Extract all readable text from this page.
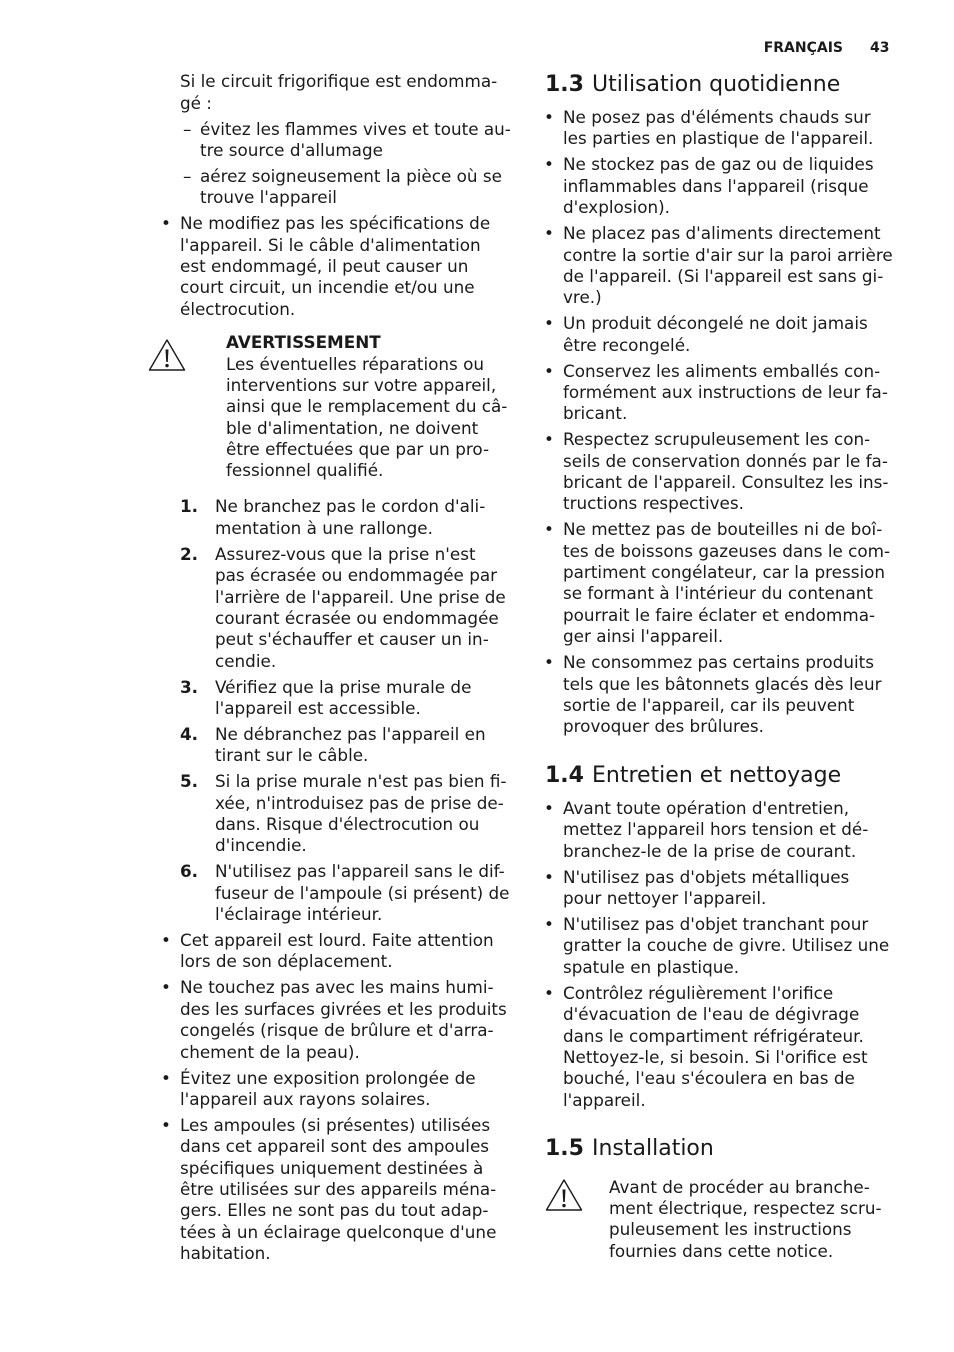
FRANÇAIS 43
Si le circuit frigorifique est endomma-
gé :
–
évitez les flammes vives et toute au-
tre source d'allumage
–
aérez soigneusement la pièce où se
trouve l'appareil
•
Ne modifiez pas les spécifications de
l'appareil. Si le câble d'alimentation
est endommagé, il peut causer un
court circuit, un incendie et/ou une
électrocution.
AVERTISSEMENT
Les éventuelles réparations ou
interventions sur votre appareil,
ainsi que le remplacement du câ-
ble d'alimentation, ne doivent
être effectuées que par un pro-
fessionnel qualifié.
1. Ne branchez pas le cordon d'ali-
mentation à une rallonge.
2. Assurez-vous que la prise n'est
pas écrasée ou endommagée par
l'arrière de l'appareil. Une prise de
courant écrasée ou endommagée
peut s'échauffer et causer un in-
cendie.
3. Vérifiez que la prise murale de
l'appareil est accessible.
4. Ne débranchez pas l'appareil en
tirant sur le câble.
5. Si la prise murale n'est pas bien fi-
xée, n'introduisez pas de prise de-
dans. Risque d'électrocution ou
d'incendie.
6. N'utilisez pas l'appareil sans le dif-
fuseur de l'ampoule (si présent) de
l'éclairage intérieur.
•
Cet appareil est lourd. Faite attention
lors de son déplacement.
•
Ne touchez pas avec les mains humi-
des les surfaces givrées et les produits
congelés (risque de brûlure et d'arra-
chement de la peau).
•
Évitez une exposition prolongée de
l'appareil aux rayons solaires.
•
Les ampoules (si présentes) utilisées
dans cet appareil sont des ampoules
spécifiques uniquement destinées à
être utilisées sur des appareils ména-
gers. Elles ne sont pas du tout adap-
tées à un éclairage quelconque d'une
habitation.
1.3 Utilisation quotidienne
•
Ne posez pas d'éléments chauds sur
les parties en plastique de l'appareil.
•
Ne stockez pas de gaz ou de liquides
inflammables dans l'appareil (risque
d'explosion).
•
Ne placez pas d'aliments directement
contre la sortie d'air sur la paroi arrière
de l'appareil. (Si l'appareil est sans gi-
vre.)
•
Un produit décongelé ne doit jamais
être recongelé.
•
Conservez les aliments emballés con-
formément aux instructions de leur fa-
bricant.
•
Respectez scrupuleusement les con-
seils de conservation donnés par le fa-
bricant de l'appareil. Consultez les ins-
tructions respectives.
•
Ne mettez pas de bouteilles ni de boî-
tes de boissons gazeuses dans le com-
partiment congélateur, car la pression
se formant à l'intérieur du contenant
pourrait le faire éclater et endomma-
ger ainsi l'appareil.
•
Ne consommez pas certains produits
tels que les bâtonnets glacés dès leur
sortie de l'appareil, car ils peuvent
provoquer des brûlures.
1.4 Entretien et nettoyage
•
Avant toute opération d'entretien,
mettez l'appareil hors tension et dé-
branchez-le de la prise de courant.
•
N'utilisez pas d'objets métalliques
pour nettoyer l'appareil.
•
N'utilisez pas d'objet tranchant pour
gratter la couche de givre. Utilisez une
spatule en plastique.
•
Contrôlez régulièrement l'orifice
d'évacuation de l'eau de dégivrage
dans le compartiment réfrigérateur.
Nettoyez-le, si besoin. Si l'orifice est
bouché, l'eau s'écoulera en bas de
l'appareil.
1.5 Installation
Avant de procéder au branche-
ment électrique, respectez scru-
puleusement les instructions
fournies dans cette notice.
